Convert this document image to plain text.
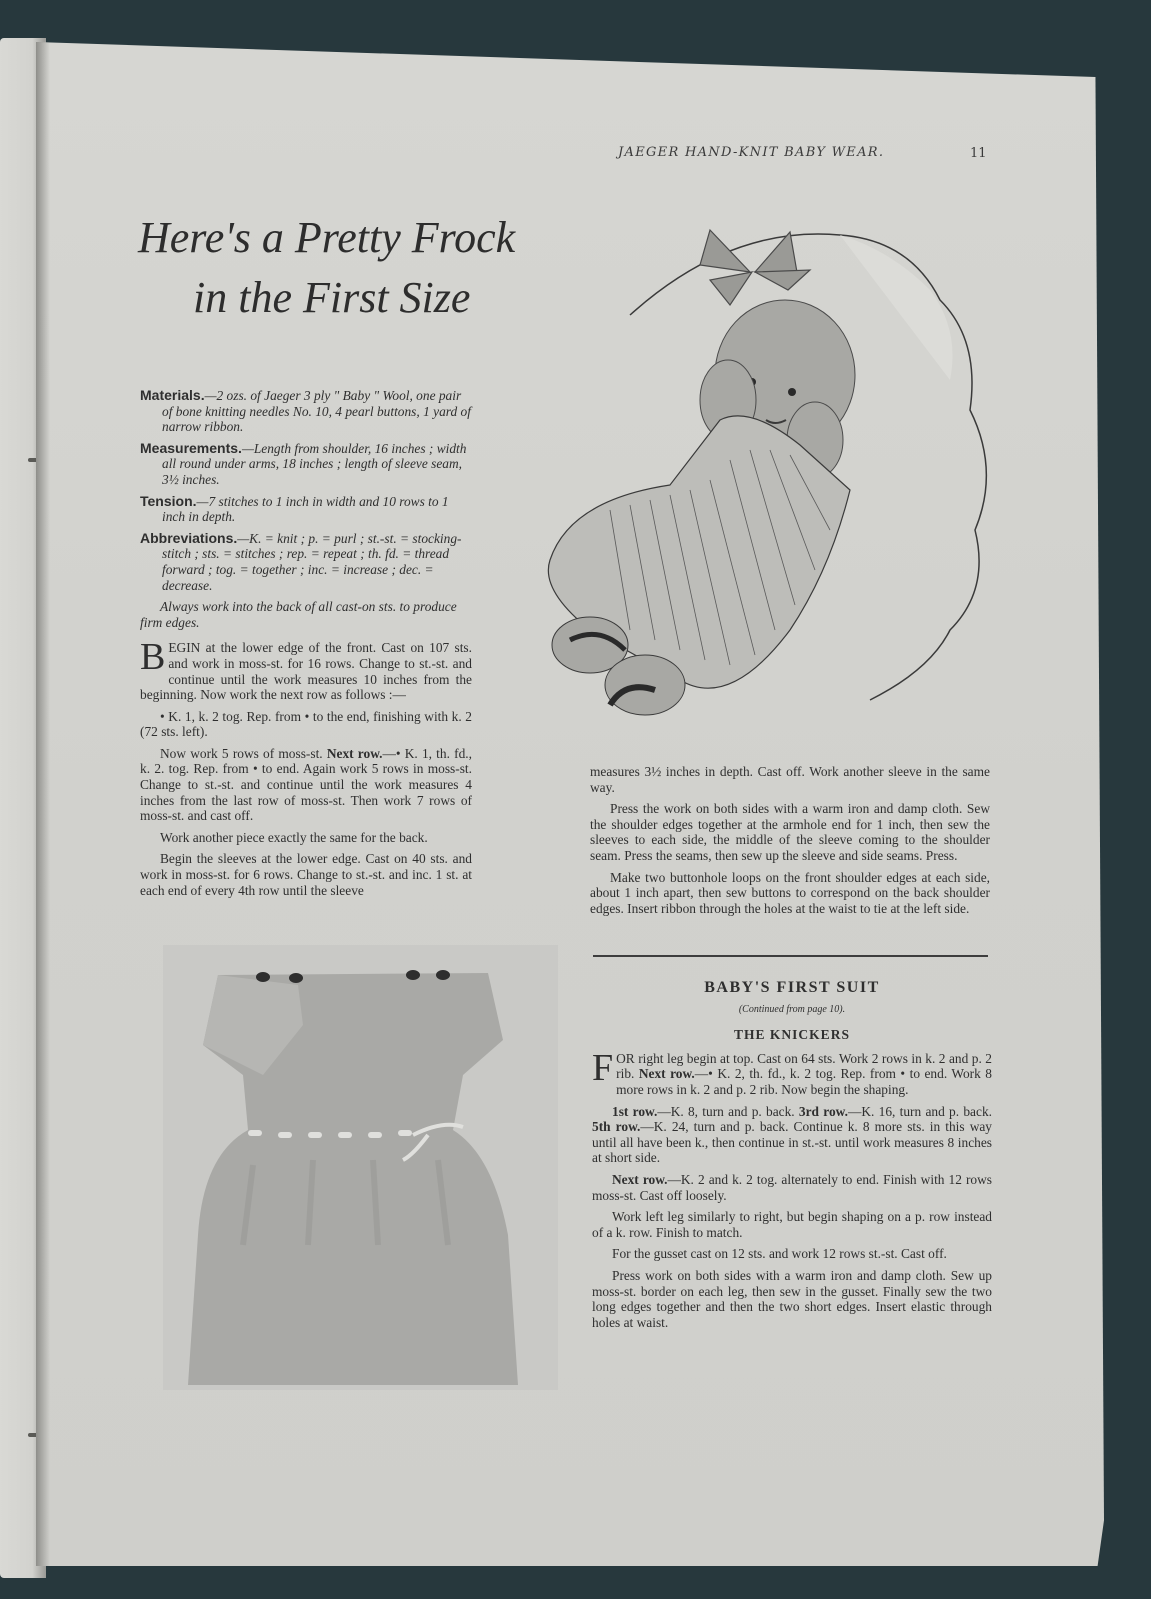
JAEGER HAND-KNIT BABY WEAR.	11
Here's a Pretty Frock
in the First Size

Materials.—2 ozs. of Jaeger 3 ply " Baby " Wool, one pair of bone knitting needles No. 10, 4 pearl buttons, 1 yard of narrow ribbon.

Measurements.—Length from shoulder, 16 inches ; width all round under arms, 18 inches ; length of sleeve seam, 3½ inches.

Tension.—7 stitches to 1 inch in width and 10 rows to 1 inch in depth.

Abbreviations.—K. = knit ; p. = purl ; st.-st. = stocking-stitch ; sts. = stitches ; rep. = repeat ; th. fd. = thread forward ; tog. = together ; inc. = increase ; dec. = decrease.

Always work into the back of all cast-on sts. to produce firm edges.

BEGIN at the lower edge of the front. Cast on 107 sts. and work in moss-st. for 16 rows. Change to st.-st. and continue until the work measures 10 inches from the beginning. Now work the next row as follows :—

• K. 1, k. 2 tog. Rep. from • to the end, finishing with k. 2 (72 sts. left).

Now work 5 rows of moss-st. Next row.—• K. 1, th. fd., k. 2. tog. Rep. from • to end. Again work 5 rows in moss-st. Change to st.-st. and continue until the work measures 4 inches from the last row of moss-st. Then work 7 rows of moss-st. and cast off.

Work another piece exactly the same for the back.

Begin the sleeves at the lower edge. Cast on 40 sts. and work in moss-st. for 6 rows. Change to st.-st. and inc. 1 st. at each end of every 4th row until the sleeve

measures 3½ inches in depth. Cast off. Work another sleeve in the same way.

Press the work on both sides with a warm iron and damp cloth. Sew the shoulder edges together at the armhole end for 1 inch, then sew the sleeves to each side, the middle of the sleeve coming to the shoulder seam. Press the seams, then sew up the sleeve and side seams. Press.

Make two buttonhole loops on the front shoulder edges at each side, about 1 inch apart, then sew buttons to correspond on the back shoulder edges. Insert ribbon through the holes at the waist to tie at the left side.

BABY'S FIRST SUIT

(Continued from page 10).

THE KNICKERS

FOR right leg begin at top. Cast on 64 sts. Work 2 rows in k. 2 and p. 2 rib. Next row.—• K. 2, th. fd., k. 2 tog. Rep. from • to end. Work 8 more rows in k. 2 and p. 2 rib. Now begin the shaping.

1st row.—K. 8, turn and p. back. 3rd row.—K. 16, turn and p. back. 5th row.—K. 24, turn and p. back. Continue k. 8 more sts. in this way until all have been k., then continue in st.-st. until work measures 8 inches at short side.

Next row.—K. 2 and k. 2 tog. alternately to end. Finish with 12 rows moss-st. Cast off loosely.

Work left leg similarly to right, but begin shaping on a p. row instead of a k. row. Finish to match.

For the gusset cast on 12 sts. and work 12 rows st.-st. Cast off.

Press work on both sides with a warm iron and damp cloth. Sew up moss-st. border on each leg, then sew in the gusset. Finally sew the two long edges together and then the two short edges. Insert elastic through holes at waist.
